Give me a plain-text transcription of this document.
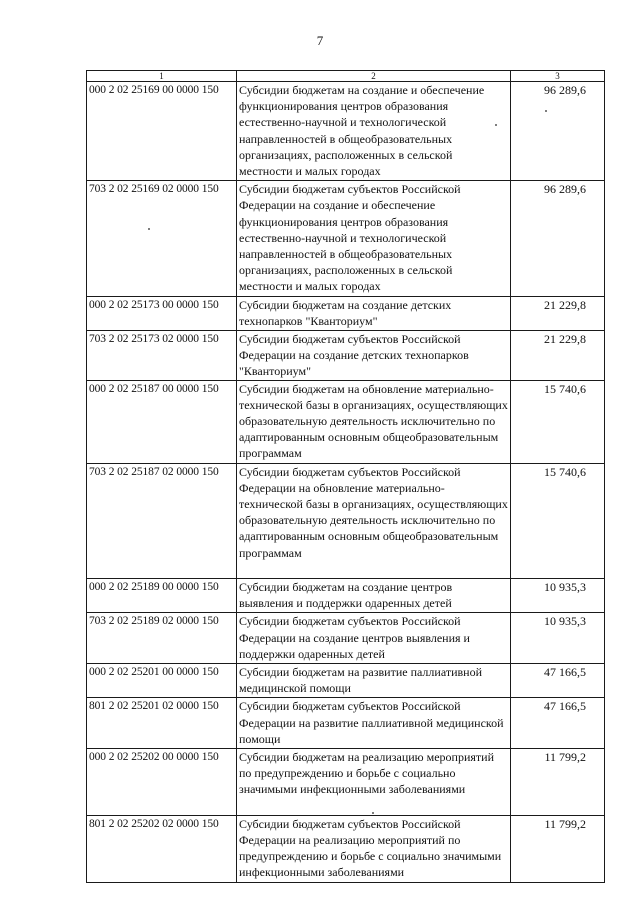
7
1	2	3
000 2 02 25169 00 0000 150	Субсидии бюджетам на создание и обеспечение функционирования центров образования естественно-научной и технологической направленностей в общеобразовательных организациях, расположенных в сельской местности и малых городах	96 289,6
703 2 02 25169 02 0000 150	Субсидии бюджетам субъектов Российской Федерации на создание и обеспечение функционирования центров образования естественно-научной и технологической направленностей в общеобразовательных организациях, расположенных в сельской местности и малых городах	96 289,6
000 2 02 25173 00 0000 150	Субсидии бюджетам на создание детских технопарков "Кванториум"	21 229,8
703 2 02 25173 02 0000 150	Субсидии бюджетам субъектов Российской Федерации на создание детских технопарков "Кванториум"	21 229,8
000 2 02 25187 00 0000 150	Субсидии бюджетам на обновление материально-технической базы в организациях, осуществляющих образовательную деятельность исключительно по адаптированным основным общеобразовательным программам	15 740,6
703 2 02 25187 02 0000 150	Субсидии бюджетам субъектов Российской Федерации на обновление материально-технической базы в организациях, осуществляющих образовательную деятельность исключительно по адаптированным основным общеобразовательным программам	15 740,6
000 2 02 25189 00 0000 150	Субсидии бюджетам на создание центров выявления и поддержки одаренных детей	10 935,3
703 2 02 25189 02 0000 150	Субсидии бюджетам субъектов Российской Федерации на создание центров выявления и поддержки одаренных детей	10 935,3
000 2 02 25201 00 0000 150	Субсидии бюджетам на развитие паллиативной медицинской помощи	47 166,5
801 2 02 25201 02 0000 150	Субсидии бюджетам субъектов Российской Федерации на развитие паллиативной медицинской помощи	47 166,5
000 2 02 25202 00 0000 150	Субсидии бюджетам на реализацию мероприятий по предупреждению и борьбе с социально значимыми инфекционными заболеваниями	11 799,2
801 2 02 25202 02 0000 150	Субсидии бюджетам субъектов Российской Федерации на реализацию мероприятий по предупреждению и борьбе с социально значимыми инфекционными заболеваниями	11 799,2
